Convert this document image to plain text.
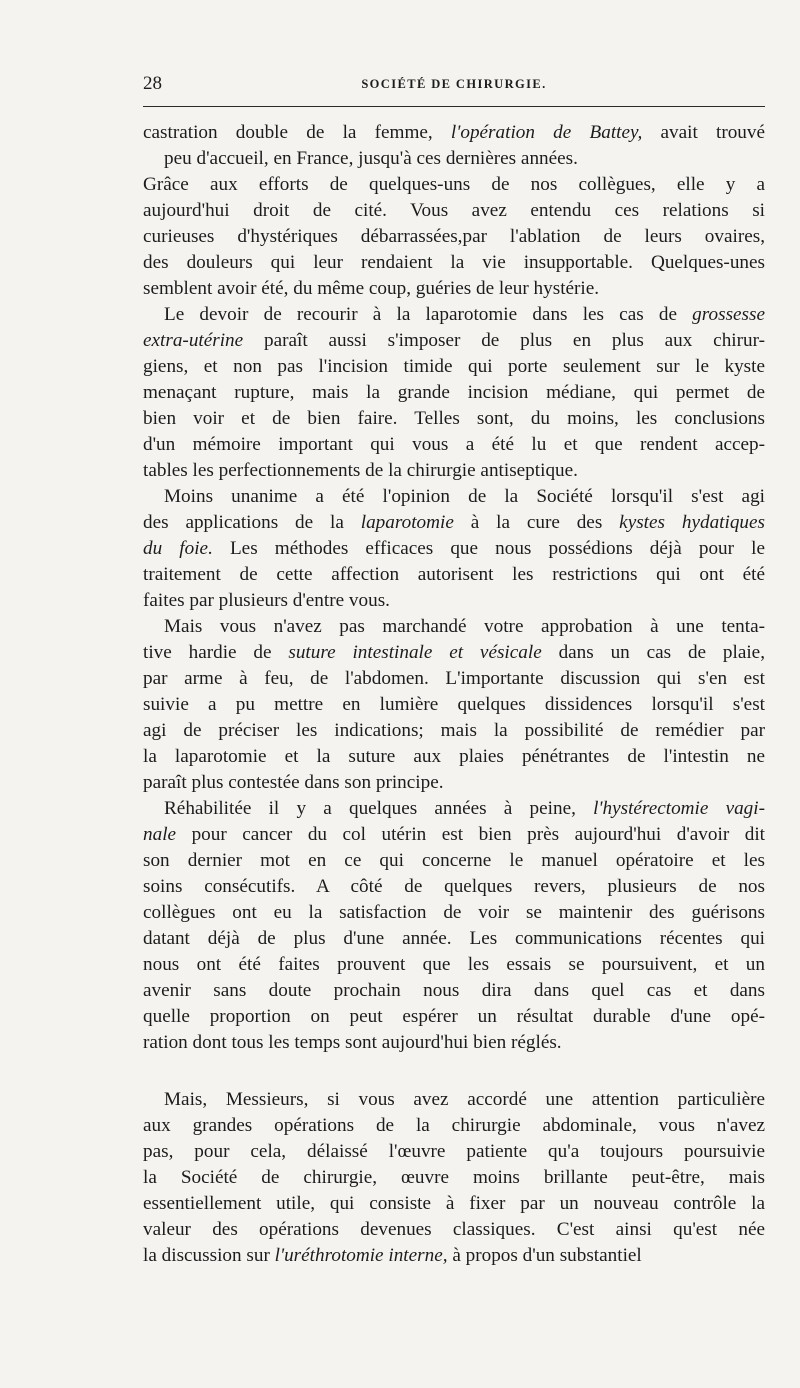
28	SOCIÉTÉ DE CHIRURGIE.
castration double de la femme, l'opération de Battey, avait trouvé
peu d'accueil, en France, jusqu'à ces dernières années.
Grâce aux efforts de quelques-uns de nos collègues, elle y a
aujourd'hui droit de cité. Vous avez entendu ces relations si
curieuses d'hystériques débarrassées,par l'ablation de leurs ovaires,
des douleurs qui leur rendaient la vie insupportable. Quelques-unes
semblent avoir été, du même coup, guéries de leur hystérie.
Le devoir de recourir à la laparotomie dans les cas de grossesse
extra-utérine paraît aussi s'imposer de plus en plus aux chirur-
giens, et non pas l'incision timide qui porte seulement sur le kyste
menaçant rupture, mais la grande incision médiane, qui permet de
bien voir et de bien faire. Telles sont, du moins, les conclusions
d'un mémoire important qui vous a été lu et que rendent accep-
tables les perfectionnements de la chirurgie antiseptique.
Moins unanime a été l'opinion de la Société lorsqu'il s'est agi
des applications de la laparotomie à la cure des kystes hydatiques
du foie. Les méthodes efficaces que nous possédions déjà pour le
traitement de cette affection autorisent les restrictions qui ont été
faites par plusieurs d'entre vous.
Mais vous n'avez pas marchandé votre approbation à une tenta-
tive hardie de suture intestinale et vésicale dans un cas de plaie,
par arme à feu, de l'abdomen. L'importante discussion qui s'en est
suivie a pu mettre en lumière quelques dissidences lorsqu'il s'est
agi de préciser les indications; mais la possibilité de remédier par
la laparotomie et la suture aux plaies pénétrantes de l'intestin ne
paraît plus contestée dans son principe.
Réhabilitée il y a quelques années à peine, l'hystérectomie vagi-
nale pour cancer du col utérin est bien près aujourd'hui d'avoir dit
son dernier mot en ce qui concerne le manuel opératoire et les
soins consécutifs. A côté de quelques revers, plusieurs de nos
collègues ont eu la satisfaction de voir se maintenir des guérisons
datant déjà de plus d'une année. Les communications récentes qui
nous ont été faites prouvent que les essais se poursuivent, et un
avenir sans doute prochain nous dira dans quel cas et dans
quelle proportion on peut espérer un résultat durable d'une opé-
ration dont tous les temps sont aujourd'hui bien réglés.
Mais, Messieurs, si vous avez accordé une attention particulière
aux grandes opérations de la chirurgie abdominale, vous n'avez
pas, pour cela, délaissé l'œuvre patiente qu'a toujours poursuivie
la Société de chirurgie, œuvre moins brillante peut-être, mais
essentiellement utile, qui consiste à fixer par un nouveau contrôle la
valeur des opérations devenues classiques. C'est ainsi qu'est née
la discussion sur l'uréthrotomie interne, à propos d'un substantiel
